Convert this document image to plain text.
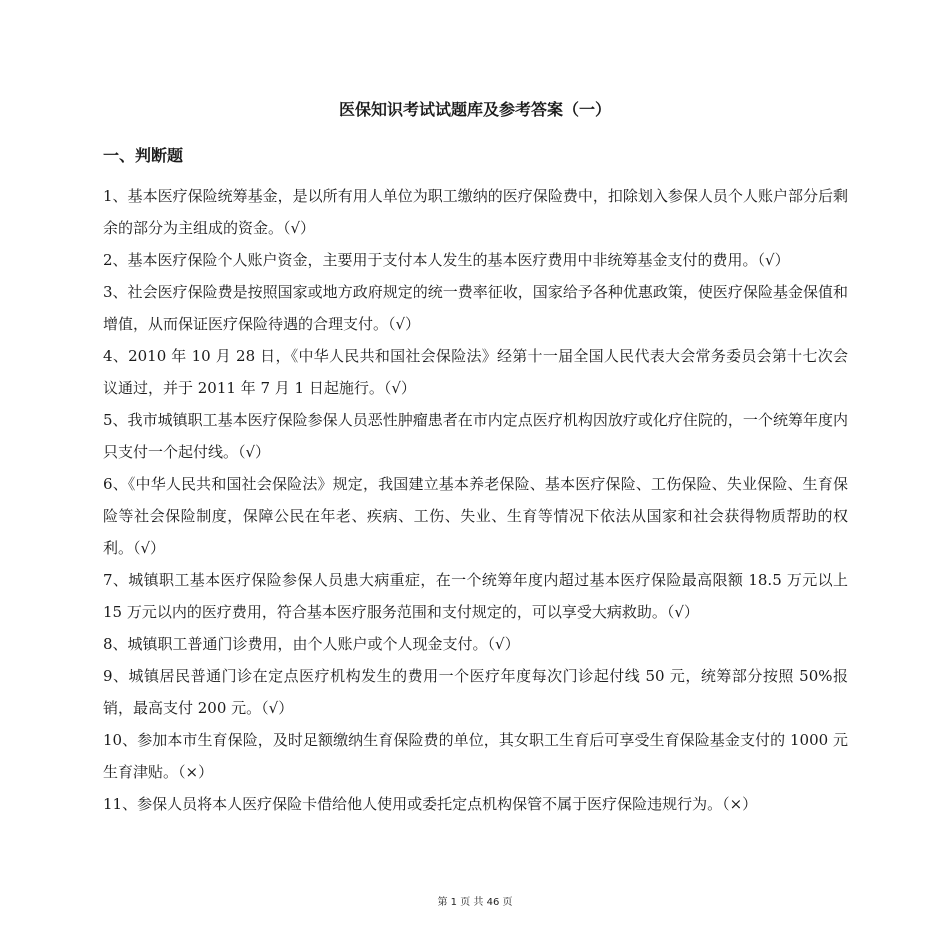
医保知识考试试题库及参考答案（一）
一、判断题

1、基本医疗保险统筹基金，是以所有用人单位为职工缴纳的医疗保险费中，扣除划入参保人员个人账户部分后剩余的部分为主组成的资金。（√）

2、基本医疗保险个人账户资金，主要用于支付本人发生的基本医疗费用中非统筹基金支付的费用。（√）

3、社会医疗保险费是按照国家或地方政府规定的统一费率征收，国家给予各种优惠政策，使医疗保险基金保值和增值，从而保证医疗保险待遇的合理支付。（√）

4、2010 年 10 月 28 日，《中华人民共和国社会保险法》经第十一届全国人民代表大会常务委员会第十七次会议通过，并于 2011 年 7 月 1 日起施行。（√）

5、我市城镇职工基本医疗保险参保人员恶性肿瘤患者在市内定点医疗机构因放疗或化疗住院的，一个统筹年度内只支付一个起付线。（√）

6、《中华人民共和国社会保险法》规定，我国建立基本养老保险、基本医疗保险、工伤保险、失业保险、生育保险等社会保险制度，保障公民在年老、疾病、工伤、失业、生育等情况下依法从国家和社会获得物质帮助的权利。（√）

7、城镇职工基本医疗保险参保人员患大病重症，在一个统筹年度内超过基本医疗保险最高限额 18.5 万元以上 15 万元以内的医疗费用，符合基本医疗服务范围和支付规定的，可以享受大病救助。（√）

8、城镇职工普通门诊费用，由个人账户或个人现金支付。（√）

9、城镇居民普通门诊在定点医疗机构发生的费用一个医疗年度每次门诊起付线 50 元，统筹部分按照 50%报销，最高支付 200 元。（√）

10、参加本市生育保险，及时足额缴纳生育保险费的单位，其女职工生育后可享受生育保险基金支付的 1000 元生育津贴。（×）

11、参保人员将本人医疗保险卡借给他人使用或委托定点机构保管不属于医疗保险违规行为。（×）

第 1 页 共 46 页
